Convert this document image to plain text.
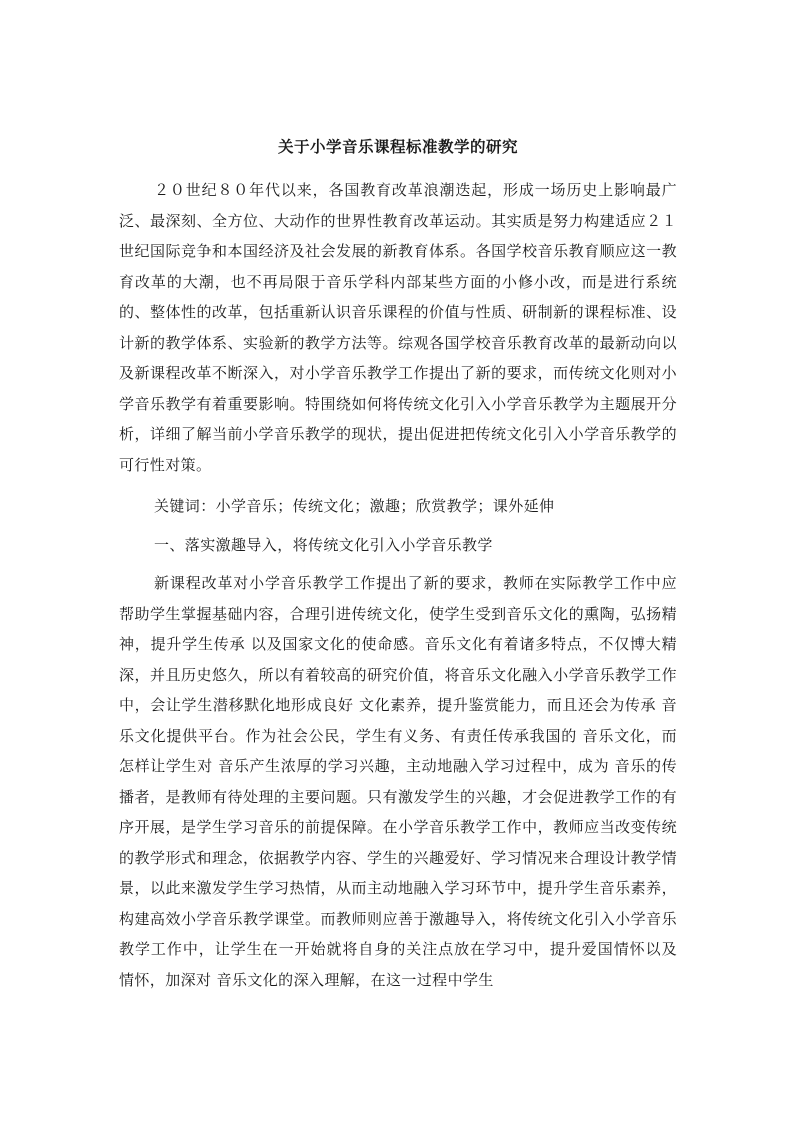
关于小学音乐课程标准教学的研究

２０世纪８０年代以来，各国教育改革浪潮迭起，形成一场历史上影响最广泛、最深刻、全方位、大动作的世界性教育改革运动。其实质是努力构建适应２１世纪国际竞争和本国经济及社会发展的新教育体系。各国学校音乐教育顺应这一教育改革的大潮，也不再局限于音乐学科内部某些方面的小修小改，而是进行系统的、整体性的改革，包括重新认识音乐课程的价值与性质、研制新的课程标准、设计新的教学体系、实验新的教学方法等。综观各国学校音乐教育改革的最新动向以及新课程改革不断深入，对小学音乐教学工作提出了新的要求，而传统文化则对小学音乐教学有着重要影响。特围绕如何将传统文化引入小学音乐教学为主题展开分析，详细了解当前小学音乐教学的现状，提出促进把传统文化引入小学音乐教学的可行性对策。

关键词：小学音乐；传统文化；激趣；欣赏教学；课外延伸

一、落实激趣导入，将传统文化引入小学音乐教学

新课程改革对小学音乐教学工作提出了新的要求，教师在实际教学工作中应帮助学生掌握基础内容，合理引进传统文化，使学生受到音乐文化的熏陶，弘扬精神，提升学生传承 以及国家文化的使命感。音乐文化有着诸多特点，不仅博大精深，并且历史悠久，所以有着较高的研究价值，将音乐文化融入小学音乐教学工作中，会让学生潜移默化地形成良好 文化素养，提升鉴赏能力，而且还会为传承 音乐文化提供平台。作为社会公民，学生有义务、有责任传承我国的 音乐文化，而怎样让学生对 音乐产生浓厚的学习兴趣，主动地融入学习过程中，成为 音乐的传播者，是教师有待处理的主要问题。只有激发学生的兴趣，才会促进教学工作的有序开展，是学生学习音乐的前提保障。在小学音乐教学工作中，教师应当改变传统的教学形式和理念，依据教学内容、学生的兴趣爱好、学习情况来合理设计教学情景，以此来激发学生学习热情，从而主动地融入学习环节中，提升学生音乐素养，构建高效小学音乐教学课堂。而教师则应善于激趣导入，将传统文化引入小学音乐教学工作中，让学生在一开始就将自身的关注点放在学习中，提升爱国情怀以及 情怀，加深对 音乐文化的深入理解，在这一过程中学生
